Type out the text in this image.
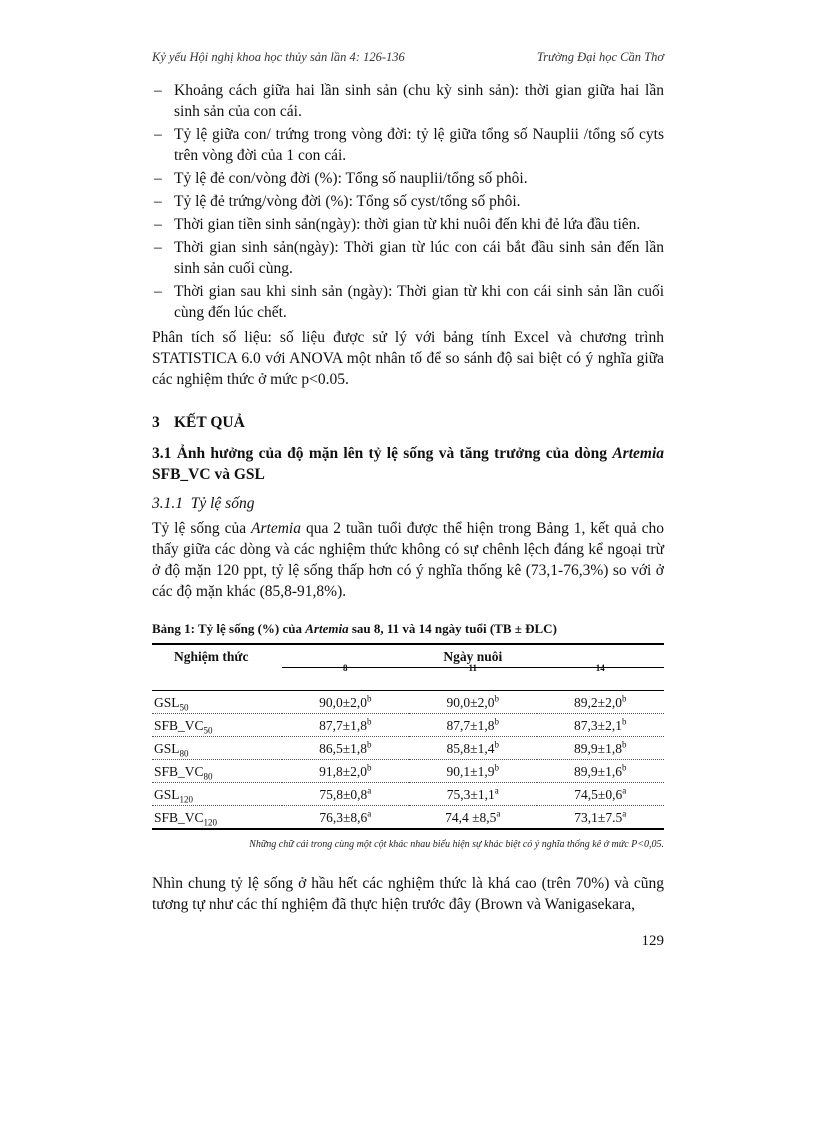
Kỷ yếu Hội nghị khoa học thủy sản lần 4: 126-136	Trường Đại học Cần Thơ
– Khoảng cách giữa hai lần sinh sản (chu kỳ sinh sản): thời gian giữa hai lần sinh sản của con cái.
– Tỷ lệ giữa con/ trứng trong vòng đời: tỷ lệ giữa tổng số Nauplii /tổng số cyts trên vòng đời của 1 con cái.
– Tỷ lệ đẻ con/vòng đời (%): Tổng số nauplii/tổng số phôi.
– Tỷ lệ đẻ trứng/vòng đời (%): Tổng số cyst/tổng số phôi.
– Thời gian tiền sinh sản(ngày): thời gian từ khi nuôi đến khi đẻ lứa đầu tiên.
– Thời gian sinh sản(ngày): Thời gian từ lúc con cái bắt đầu sinh sản đến lần sinh sản cuối cùng.
– Thời gian sau khi sinh sản (ngày): Thời gian từ khi con cái sinh sản lần cuối cùng đến lúc chết.

Phân tích số liệu: số liệu được sử lý với bảng tính Excel và chương trình STATISTICA 6.0 với ANOVA một nhân tố để so sánh độ sai biệt có ý nghĩa giữa các nghiệm thức ở mức p<0.05.

3 KẾT QUẢ
3.1 Ảnh hưởng của độ mặn lên tỷ lệ sống và tăng trưởng của dòng Artemia SFB_VC và GSL
3.1.1 Tỷ lệ sống

Tỷ lệ sống của Artemia qua 2 tuần tuổi được thể hiện trong Bảng 1, kết quả cho thấy giữa các dòng và các nghiệm thức không có sự chênh lệch đáng kể ngoại trừ ở độ mặn 120 ppt, tỷ lệ sống thấp hơn có ý nghĩa thống kê (73,1-76,3%) so với ở các độ mặn khác (85,8-91,8%).

Bảng 1: Tỷ lệ sống (%) của Artemia sau 8, 11 và 14 ngày tuổi (TB ± ĐLC)
Nghiệm thức	Ngày nuôi		
	8	11	14
$GSL_{50}$	90,0±2,0$^b$	90,0±2,0$^b$	89,2±2,0$^b$
$SFB\_VC_{50}$	87,7±1,8$^b$	87,7±1,8$^b$	87,3±2,1$^b$
$GSL_{80}$	86,5±1,8$^b$	85,8±1,4$^b$	89,9±1,8$^b$
$SFB\_VC_{80}$	91,8±2,0$^b$	90,1±1,9$^b$	89,9±1,6$^b$
$GSL_{120}$	75,8±0,8$^a$	75,3±1,1$^a$	74,5±0,6$^a$
$SFB\_VC_{120}$	76,3±8,6$^a$	74,4 ±8,5$^a$	73,1±7.5$^a$
Những chữ cái trong cùng một cột khác nhau biểu hiện sự khác biệt có ý nghĩa thống kê ở mức P<0,05.

Nhìn chung tỷ lệ sống ở hầu hết các nghiệm thức là khá cao (trên 70%) và cũng tương tự như các thí nghiệm đã thực hiện trước đây (Brown và Wanigasekara,

129
